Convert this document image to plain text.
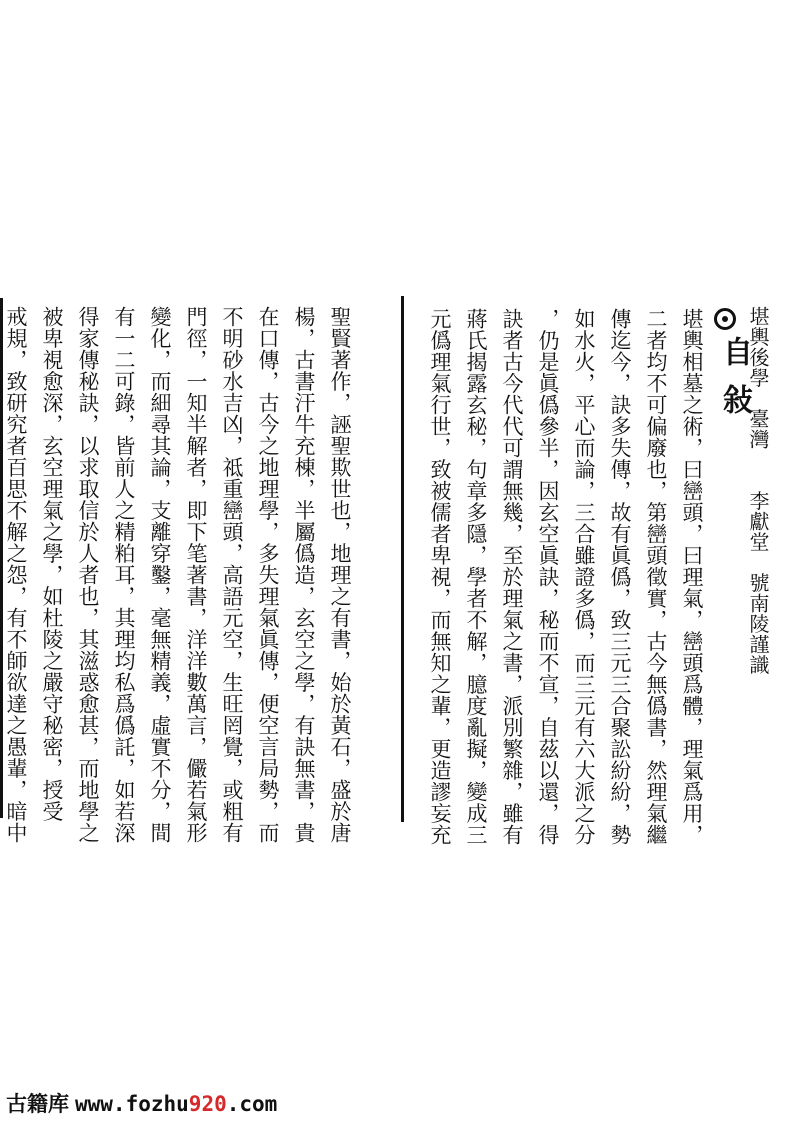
堪輿後學　臺灣　　李獻堂　號南陵謹識
自敍
堪輿相墓之術，曰巒頭，曰理氣，巒頭爲體，理氣爲用，
二者均不可偏廢也，第巒頭徵實，古今無僞書，然理氣繼
傳迄今，訣多失傳，故有眞僞，致三元三合聚訟紛紛，勢
如水火，平心而論，三合雖證多僞，而三元有六大派之分
，仍是眞僞參半，因玄空眞訣，秘而不宣，自茲以還，得
訣者古今代代可謂無幾，至於理氣之書，派別繁雜，雖有
蔣氏揭露玄秘，句章多隱，學者不解，臆度亂擬，變成三
元僞理氣行世，致被儒者卑視，而無知之輩，更造謬妄充
聖賢著作，誣聖欺世也，地理之有書，始於黃石，盛於唐
楊，古書汗牛充棟，半屬僞造，玄空之學，有訣無書，貴
在口傳，古今之地理學，多失理氣眞傳，便空言局勢，而
不明砂水吉凶，祗重巒頭，高語元空，生旺罔覺，或粗有
門徑，一知半解者，即下笔著書，洋洋數萬言，儼若氣形
變化，而細尋其論，支離穿鑿，毫無精義，虛實不分，間
有一二可錄，皆前人之精粕耳，其理均私爲僞託，如若深
得家傳秘訣，以求取信於人者也，其滋惑愈甚，而地學之
被卑視愈深，玄空理氣之學，如杜陵之嚴守秘密，授受
戒規，致研究者百思不解之怨，有不師欲達之愚輩，暗中
古籍库 www.fozhu920.com
